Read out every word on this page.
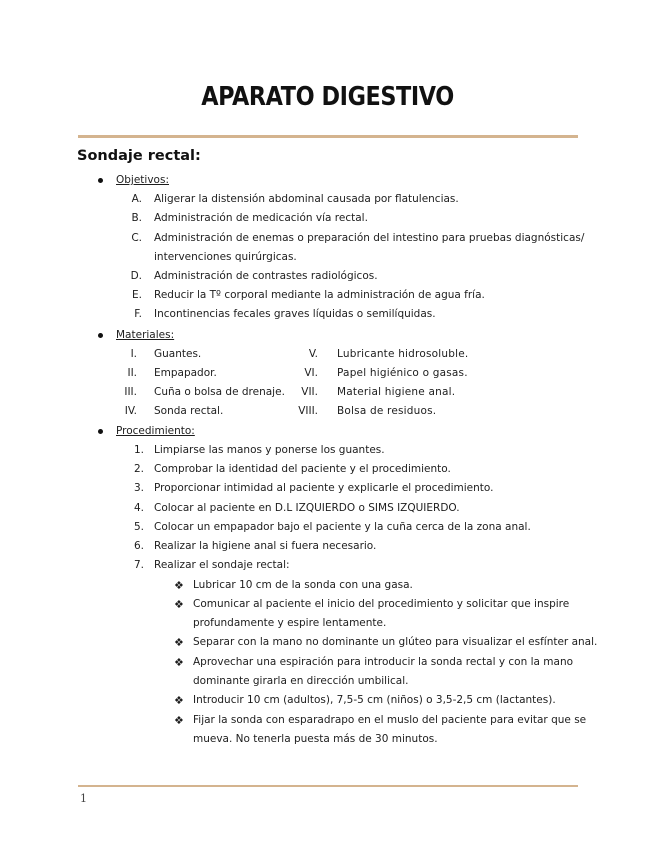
APARATO DIGESTIVO
Sondaje rectal:
Objetivos:
A. Aligerar la distensión abdominal causada por flatulencias.
B. Administración de medicación vía rectal.
C. Administración de enemas o preparación del intestino para pruebas diagnósticas/
intervenciones quirúrgicas.
D. Administración de contrastes radiológicos.
E. Reducir la Tº corporal mediante la administración de agua fría.
F. Incontinencias fecales graves líquidas o semilíquidas.
Materiales:
I. Guantes.
II. Empapador.
III. Cuña o bolsa de drenaje.
IV. Sonda rectal.
V. Lubricante hidrosoluble.
VI. Papel higiénico o gasas.
VII. Material higiene anal.
VIII. Bolsa de residuos.
Procedimiento:
1. Limpiarse las manos y ponerse los guantes.
2. Comprobar la identidad del paciente y el procedimiento.
3. Proporcionar intimidad al paciente y explicarle el procedimiento.
4. Colocar al paciente en D.L IZQUIERDO o SIMS IZQUIERDO.
5. Colocar un empapador bajo el paciente y la cuña cerca de la zona anal.
6. Realizar la higiene anal si fuera necesario.
7. Realizar el sondaje rectal:
❖ Lubricar 10 cm de la sonda con una gasa.
❖ Comunicar al paciente el inicio del procedimiento y solicitar que inspire
profundamente y espire lentamente.
❖ Separar con la mano no dominante un glúteo para visualizar el esfínter anal.
❖ Aprovechar una espiración para introducir la sonda rectal y con la mano
dominante girarla en dirección umbilical.
❖ Introducir 10 cm (adultos), 7,5-5 cm (niños) o 3,5-2,5 cm (lactantes).
❖ Fijar la sonda con esparadrapo en el muslo del paciente para evitar que se
mueva. No tenerla puesta más de 30 minutos.
1
